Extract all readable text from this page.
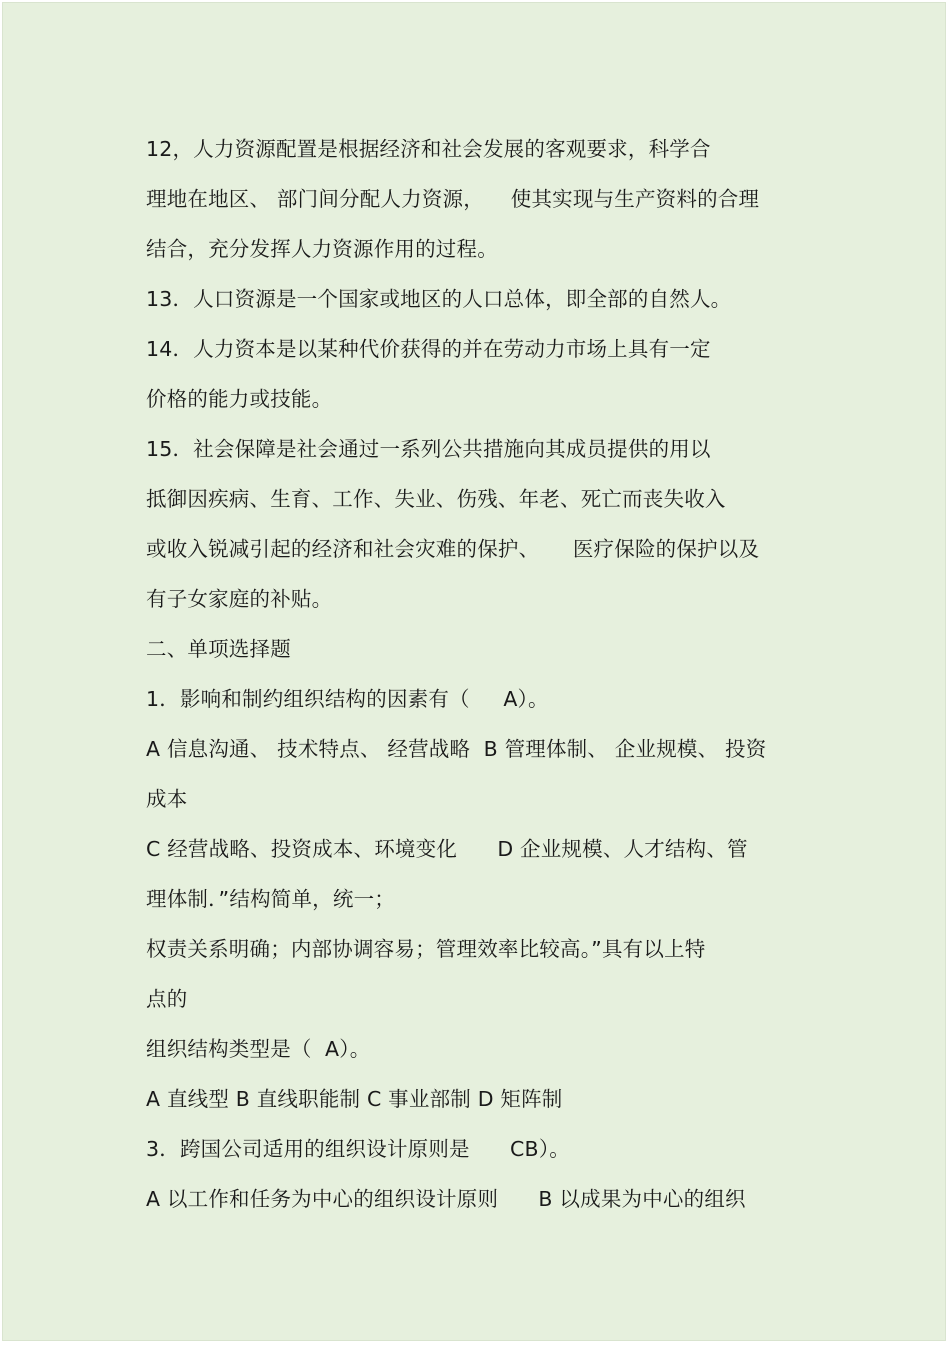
12，人力资源配置是根据经济和社会发展的客观要求，科学合
理地在地区、 部门间分配人力资源，    使其实现与生产资料的合理
结合，充分发挥人力资源作用的过程。
13．人口资源是一个国家或地区的人口总体，即全部的自然人。
14．人力资本是以某种代价获得的并在劳动力市场上具有一定
价格的能力或技能。
15．社会保障是社会通过一系列公共措施向其成员提供的用以
抵御因疾病、生育、工作、失业、伤残、年老、死亡而丧失收入
或收入锐减引起的经济和社会灾难的保护、     医疗保险的保护以及
有子女家庭的补贴。
二、单项选择题
1．影响和制约组织结构的因素有（     A）。
A 信息沟通、 技术特点、 经营战略  B 管理体制、 企业规模、 投资
成本
C 经营战略、投资成本、环境变化      D 企业规模、人才结构、管
理体制．”结构简单，统一；
权责关系明确；内部协调容易；管理效率比较高。”具有以上特
点的
组织结构类型是（  A）。
A 直线型 B 直线职能制 C 事业部制 D 矩阵制
3．跨国公司适用的组织设计原则是      CB）。
A 以工作和任务为中心的组织设计原则      B 以成果为中心的组织
